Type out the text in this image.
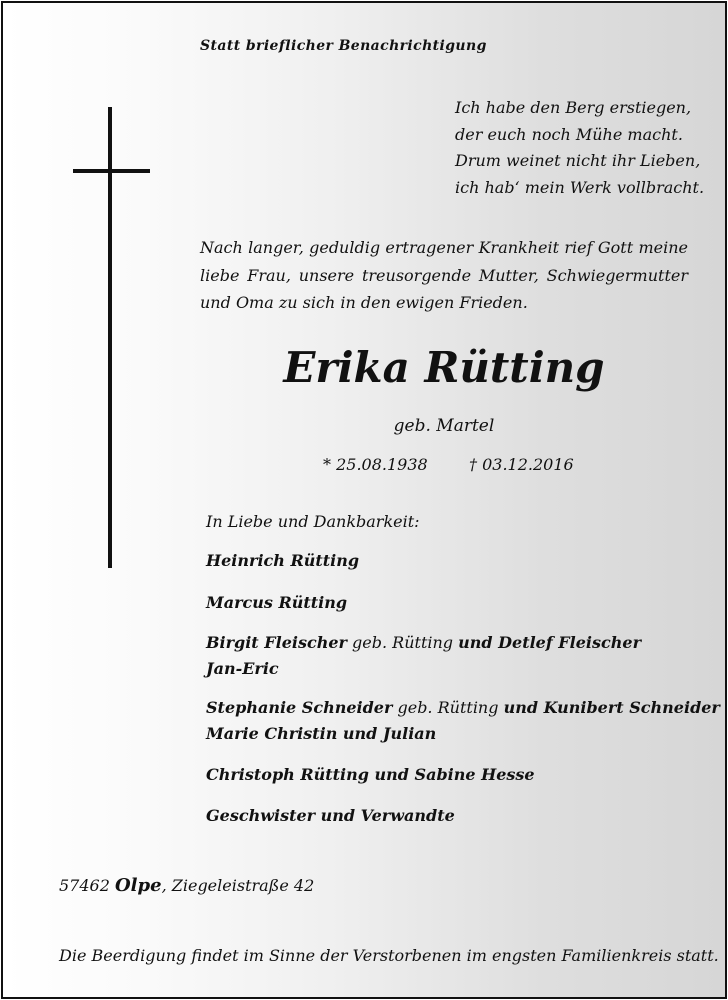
Statt brieflicher Benachrichtigung

Ich habe den Berg erstiegen,
der euch noch Mühe macht.
Drum weinet nicht ihr Lieben,
ich hab‘ mein Werk vollbracht.

Nach langer, geduldig ertragener Krankheit rief Gott meine liebe Frau, unsere treusorgende Mutter, Schwiegermutter und Oma zu sich in den ewigen Frieden.

Erika Rütting

geb. Martel

* 25.08.1938	† 03.12.2016

In Liebe und Dankbarkeit:

Heinrich Rütting

Marcus Rütting

Birgit Fleischer geb. Rütting und Detlef Fleischer

Jan-Eric

Stephanie Schneider geb. Rütting und Kunibert Schneider

Marie Christin und Julian

Christoph Rütting und Sabine Hesse

Geschwister und Verwandte

57462 Olpe, Ziegeleistraße 42

Die Beerdigung findet im Sinne der Verstorbenen im engsten Familienkreis statt.
